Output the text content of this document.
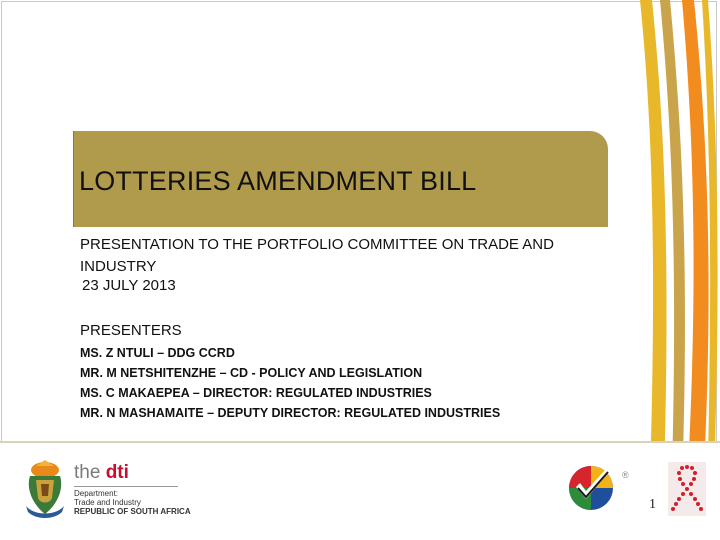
LOTTERIES AMENDMENT BILL
PRESENTATION TO THE PORTFOLIO COMMITTEE ON TRADE AND INDUSTRY
23 JULY 2013
PRESENTERS
MS. Z NTULI – DDG CCRD
MR. M NETSHITENZHE – CD - POLICY AND LEGISLATION
MS. C MAKAEPEA – DIRECTOR: REGULATED INDUSTRIES
MR. N MASHAMAITE – DEPUTY DIRECTOR: REGULATED INDUSTRIES
the dti
Department:
Trade and Industry
REPUBLIC OF SOUTH AFRICA
®
1
